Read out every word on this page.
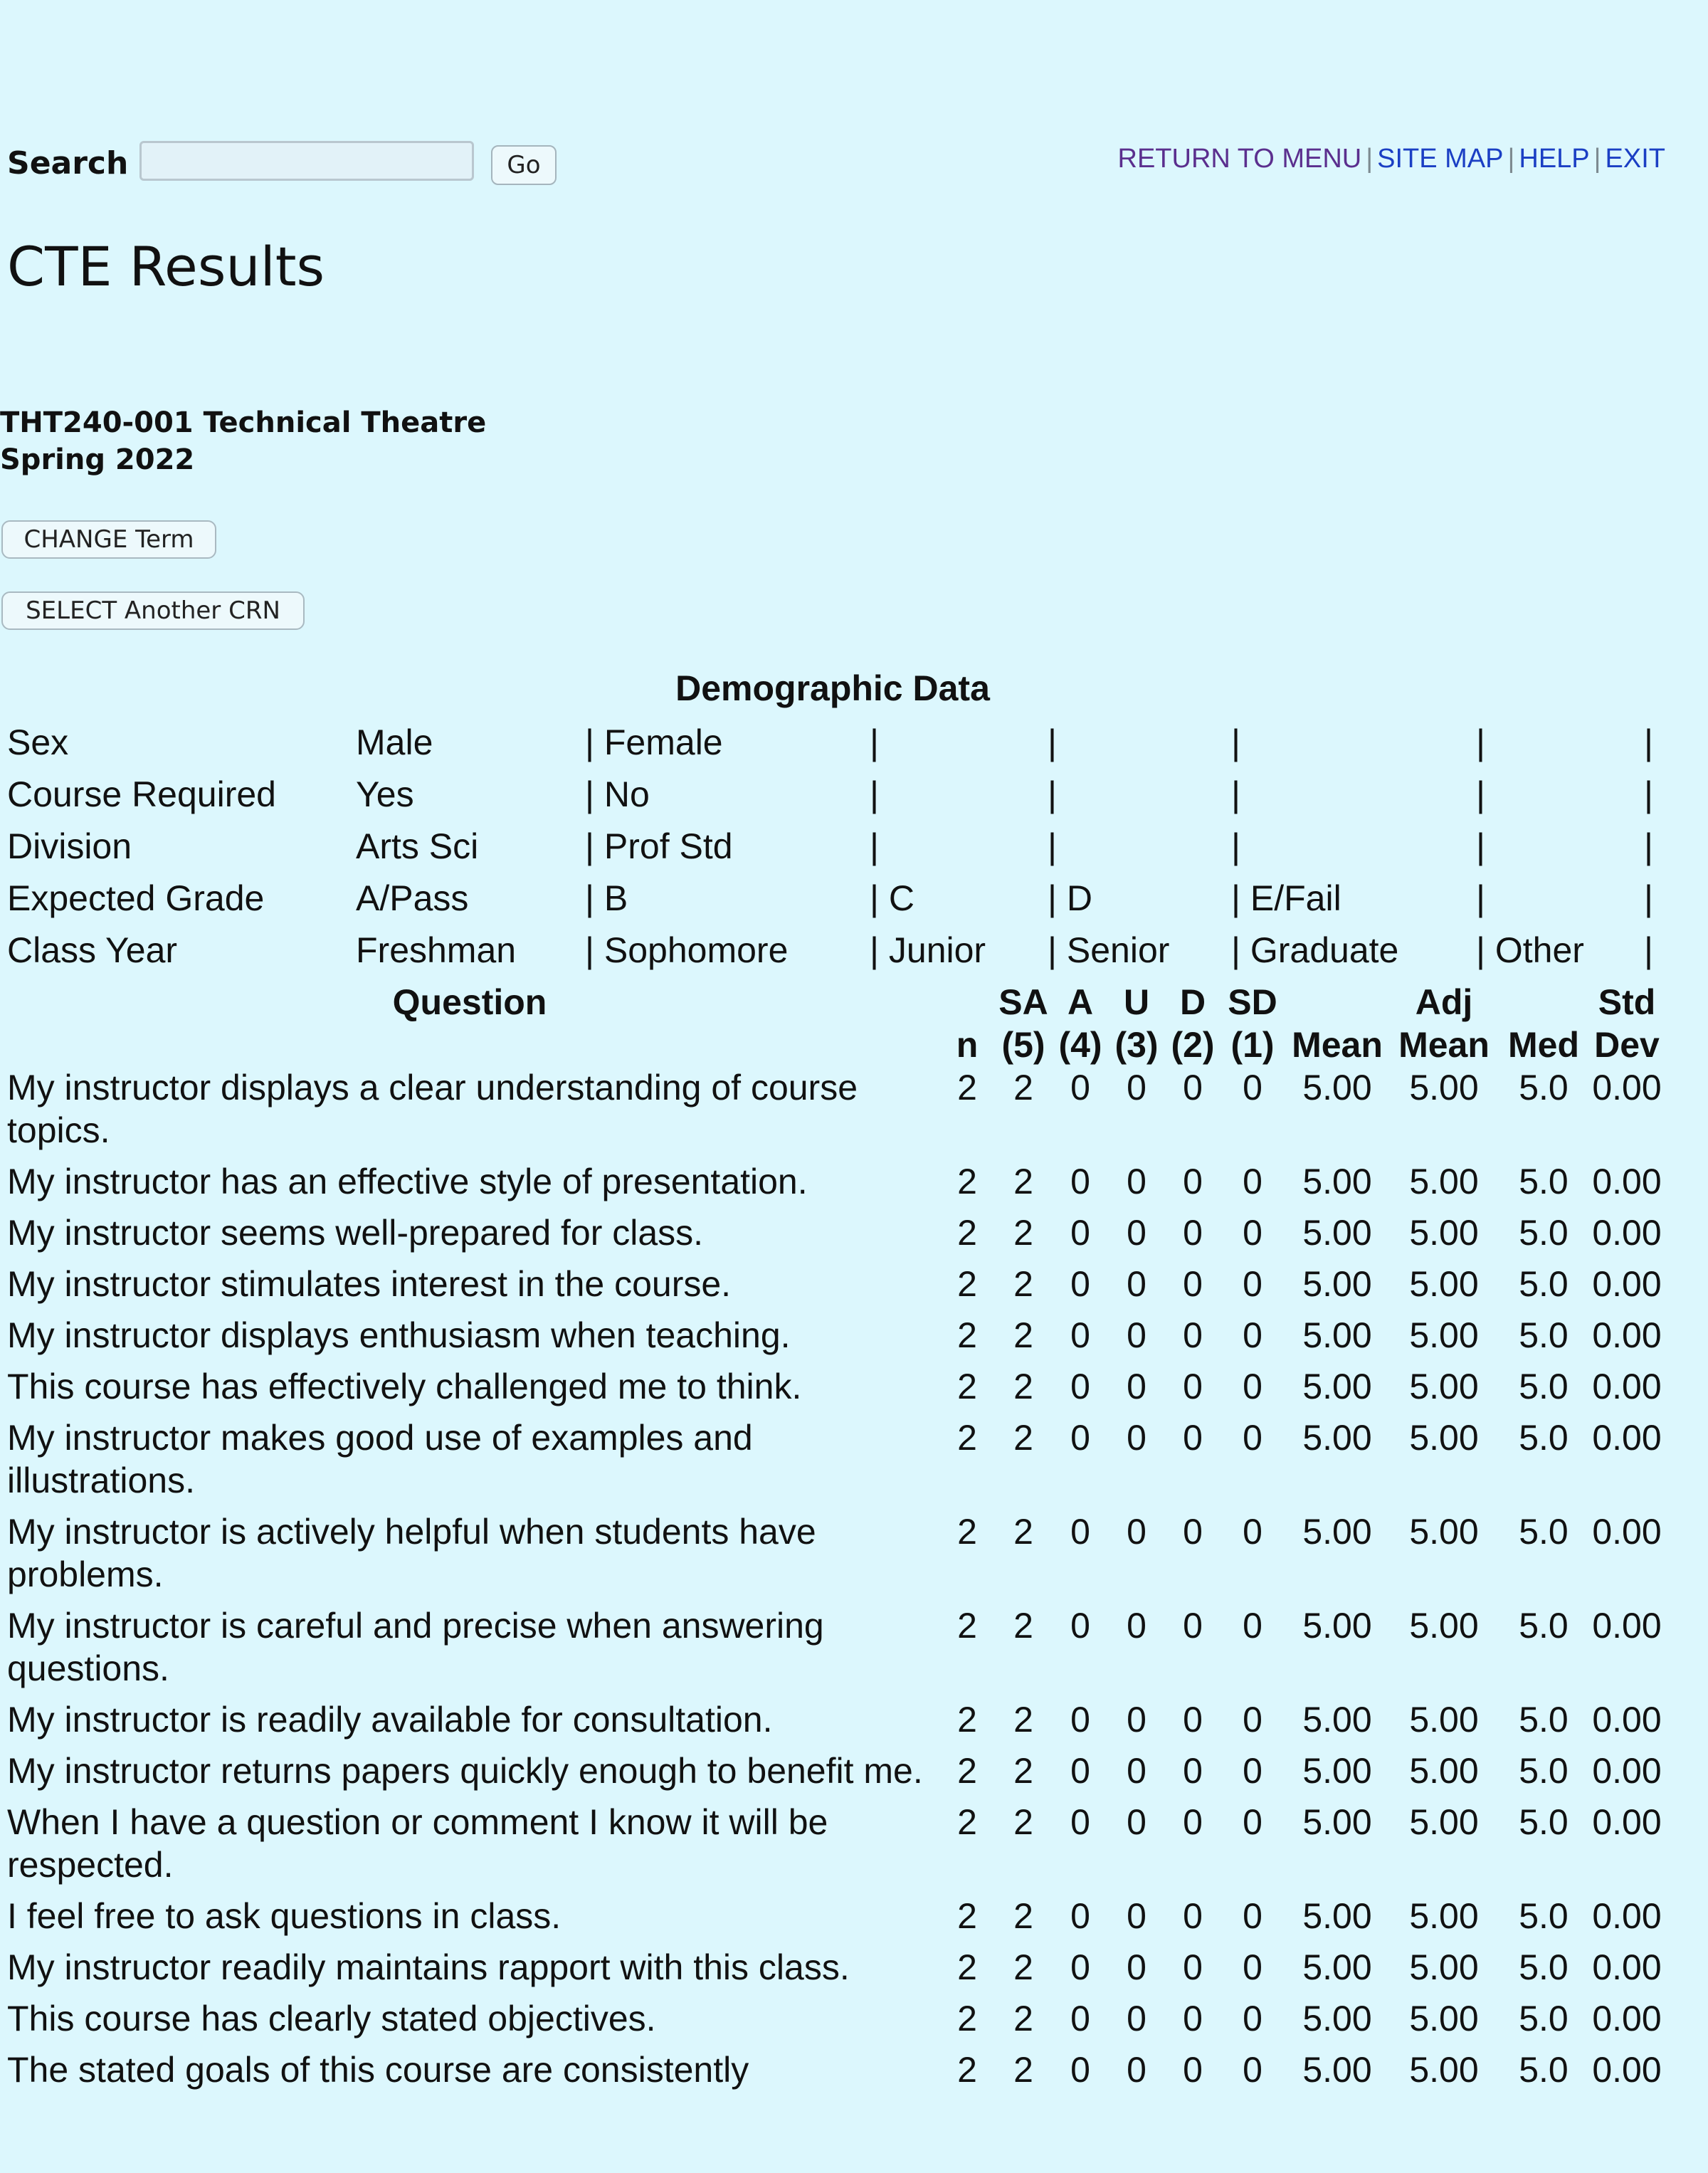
Search	Go	RETURN TO MENU | SITE MAP | HELP | EXIT
CTE Results
THT240-001 Technical Theatre
Spring 2022
CHANGE Term
SELECT Another CRN
Demographic Data
Sex	Male	| Female	|	|	|	|	|
Course Required	Yes	| No	|	|	|	|	|
Division	Arts Sci	| Prof Std	|	|	|	|	|
Expected Grade	A/Pass	| B	| C	| D	| E/Fail	|	|
Class Year	Freshman	| Sophomore	| Junior	| Senior	| Graduate	| Other	|
Question		SA	A	U	D	SD		Adj		Std
	n	(5)	(4)	(3)	(2)	(1)	Mean	Mean	Med	Dev
My instructor displays a clear understanding of course topics.	2	2	0	0	0	0	5.00	5.00	5.0	0.00
My instructor has an effective style of presentation.	2	2	0	0	0	0	5.00	5.00	5.0	0.00
My instructor seems well-prepared for class.	2	2	0	0	0	0	5.00	5.00	5.0	0.00
My instructor stimulates interest in the course.	2	2	0	0	0	0	5.00	5.00	5.0	0.00
My instructor displays enthusiasm when teaching.	2	2	0	0	0	0	5.00	5.00	5.0	0.00
This course has effectively challenged me to think.	2	2	0	0	0	0	5.00	5.00	5.0	0.00
My instructor makes good use of examples and illustrations.	2	2	0	0	0	0	5.00	5.00	5.0	0.00
My instructor is actively helpful when students have problems.	2	2	0	0	0	0	5.00	5.00	5.0	0.00
My instructor is careful and precise when answering questions.	2	2	0	0	0	0	5.00	5.00	5.0	0.00
My instructor is readily available for consultation.	2	2	0	0	0	0	5.00	5.00	5.0	0.00
My instructor returns papers quickly enough to benefit me.	2	2	0	0	0	0	5.00	5.00	5.0	0.00
When I have a question or comment I know it will be respected.	2	2	0	0	0	0	5.00	5.00	5.0	0.00
I feel free to ask questions in class.	2	2	0	0	0	0	5.00	5.00	5.0	0.00
My instructor readily maintains rapport with this class.	2	2	0	0	0	0	5.00	5.00	5.0	0.00
This course has clearly stated objectives.	2	2	0	0	0	0	5.00	5.00	5.0	0.00
The stated goals of this course are consistently	2	2	0	0	0	0	5.00	5.00	5.0	0.00
